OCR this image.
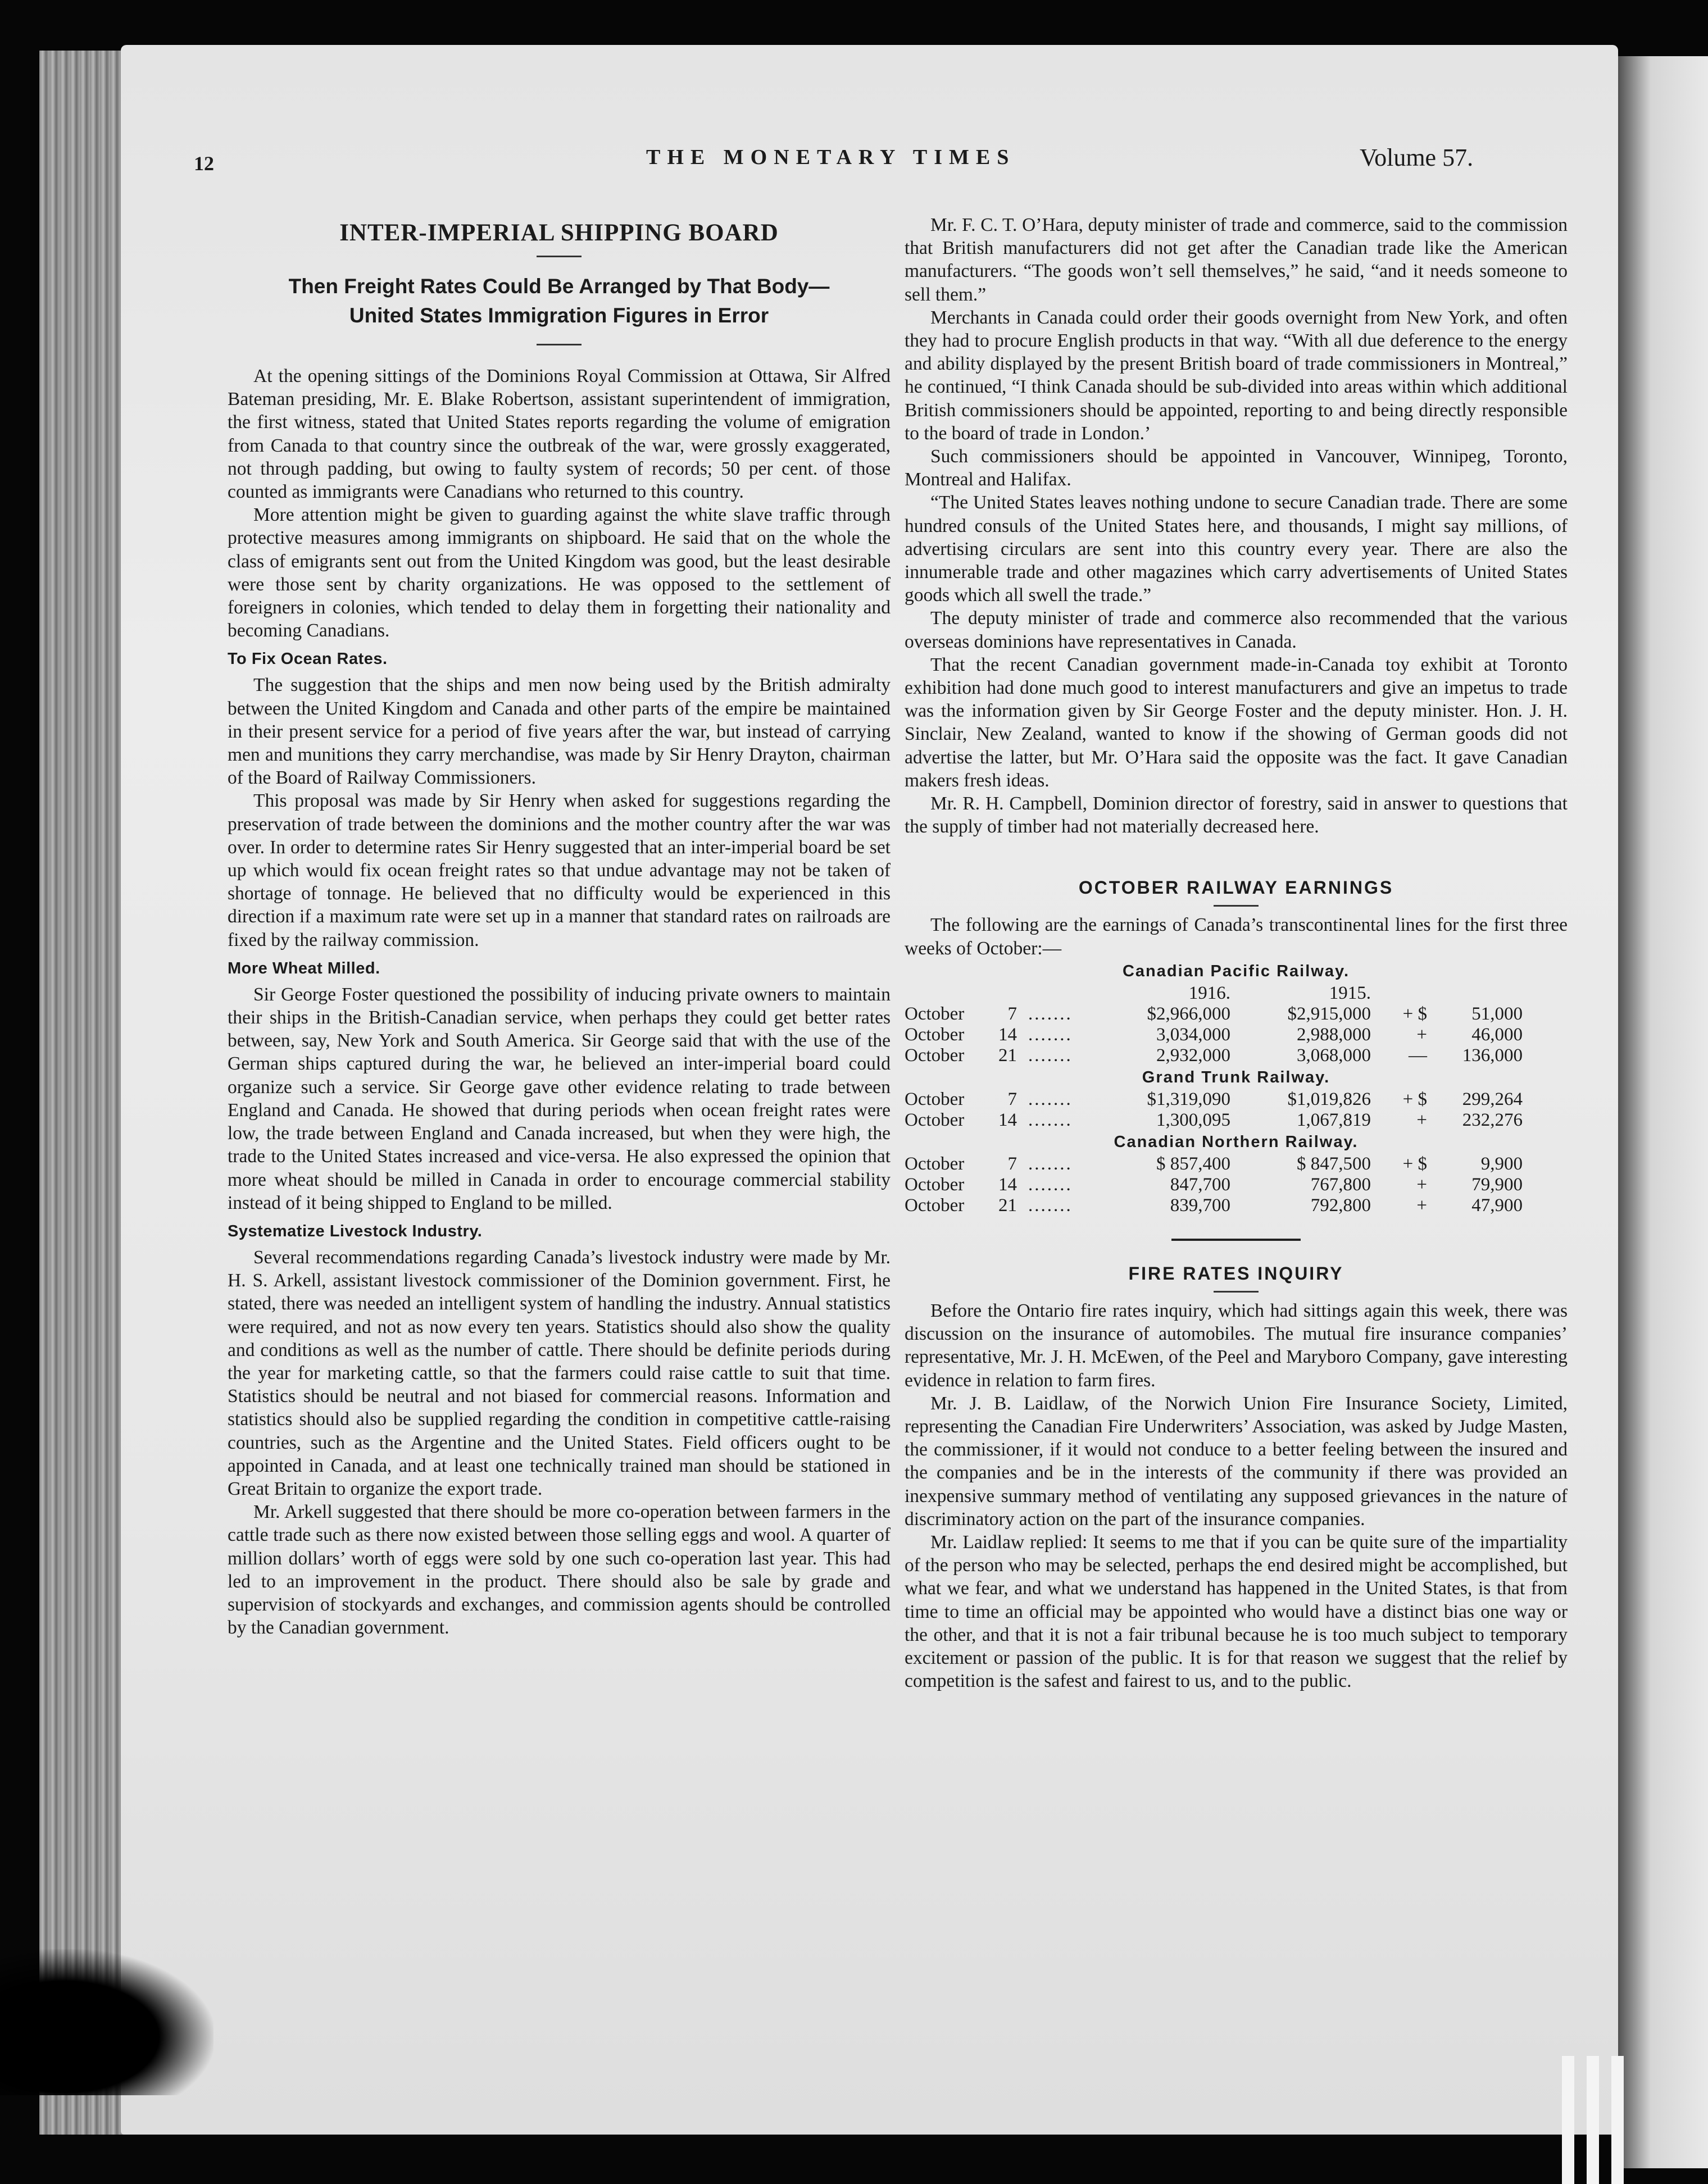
12	THE MONETARY TIMES	Volume 57.
INTER-IMPERIAL SHIPPING BOARD
Then Freight Rates Could Be Arranged by That Body—
United States Immigration Figures in Error

At the opening sittings of the Dominions Royal Commission at Ottawa, Sir Alfred Bateman presiding, Mr. E. Blake Robertson, assistant superintendent of immigration, the first witness, stated that United States reports regarding the volume of emigration from Canada to that country since the outbreak of the war, were grossly exaggerated, not through padding, but owing to faulty system of records; 50 per cent. of those counted as immigrants were Canadians who returned to this country.

More attention might be given to guarding against the white slave traffic through protective measures among immigrants on shipboard. He said that on the whole the class of emigrants sent out from the United Kingdom was good, but the least desirable were those sent by charity organizations. He was opposed to the settlement of foreigners in colonies, which tended to delay them in forgetting their nationality and becoming Canadians.

To Fix Ocean Rates.

The suggestion that the ships and men now being used by the British admiralty between the United Kingdom and Canada and other parts of the empire be maintained in their present service for a period of five years after the war, but instead of carrying men and munitions they carry merchandise, was made by Sir Henry Drayton, chairman of the Board of Railway Commissioners.

This proposal was made by Sir Henry when asked for suggestions regarding the preservation of trade between the dominions and the mother country after the war was over. In order to determine rates Sir Henry suggested that an inter-imperial board be set up which would fix ocean freight rates so that undue advantage may not be taken of shortage of tonnage. He believed that no difficulty would be experienced in this direction if a maximum rate were set up in a manner that standard rates on railroads are fixed by the railway commission.

More Wheat Milled.

Sir George Foster questioned the possibility of inducing private owners to maintain their ships in the British-Canadian service, when perhaps they could get better rates between, say, New York and South America. Sir George said that with the use of the German ships captured during the war, he believed an inter-imperial board could organize such a service. Sir George gave other evidence relating to trade between England and Canada. He showed that during periods when ocean freight rates were low, the trade between England and Canada increased, but when they were high, the trade to the United States increased and vice-versa. He also expressed the opinion that more wheat should be milled in Canada in order to encourage commercial stability instead of it being shipped to England to be milled.

Systematize Livestock Industry.

Several recommendations regarding Canada’s livestock industry were made by Mr. H. S. Arkell, assistant livestock commissioner of the Dominion government. First, he stated, there was needed an intelligent system of handling the industry. Annual statistics were required, and not as now every ten years. Statistics should also show the quality and conditions as well as the number of cattle. There should be definite periods during the year for marketing cattle, so that the farmers could raise cattle to suit that time. Statistics should be neutral and not biased for commercial reasons. Information and statistics should also be supplied regarding the condition in competitive cattle-raising countries, such as the Argentine and the United States. Field officers ought to be appointed in Canada, and at least one technically trained man should be stationed in Great Britain to organize the export trade.

Mr. Arkell suggested that there should be more co-operation between farmers in the cattle trade such as there now existed between those selling eggs and wool. A quarter of million dollars’ worth of eggs were sold by one such co-operation last year. This had led to an improvement in the product. There should also be sale by grade and supervision of stockyards and exchanges, and commission agents should be controlled by the Canadian government.

Mr. F. C. T. O’Hara, deputy minister of trade and commerce, said to the commission that British manufacturers did not get after the Canadian trade like the American manufacturers. “The goods won’t sell themselves,” he said, “and it needs someone to sell them.”

Merchants in Canada could order their goods overnight from New York, and often they had to procure English products in that way. “With all due deference to the energy and ability displayed by the present British board of trade commissioners in Montreal,” he continued, “I think Canada should be sub-divided into areas within which additional British commissioners should be appointed, reporting to and being directly responsible to the board of trade in London.’

Such commissioners should be appointed in Vancouver, Winnipeg, Toronto, Montreal and Halifax.

“The United States leaves nothing undone to secure Canadian trade. There are some hundred consuls of the United States here, and thousands, I might say millions, of advertising circulars are sent into this country every year. There are also the innumerable trade and other magazines which carry advertisements of United States goods which all swell the trade.”

The deputy minister of trade and commerce also recommended that the various overseas dominions have representatives in Canada.

That the recent Canadian government made-in-Canada toy exhibit at Toronto exhibition had done much good to interest manufacturers and give an impetus to trade was the information given by Sir George Foster and the deputy minister. Hon. J. H. Sinclair, New Zealand, wanted to know if the showing of German goods did not advertise the latter, but Mr. O’Hara said the opposite was the fact. It gave Canadian makers fresh ideas.

Mr. R. H. Campbell, Dominion director of forestry, said in answer to questions that the supply of timber had not materially decreased here.

OCTOBER RAILWAY EARNINGS

The following are the earnings of Canada’s transcontinental lines for the first three weeks of October:—

Canadian Pacific Railway.
1916.	1915.
October	7 .......	$2,966,000	$2,915,000	+ $	51,000
October	14 .......	3,034,000	2,988,000	+	46,000
October	21 .......	2,932,000	3,068,000	—	136,000
Grand Trunk Railway.
October	7 .......	$1,319,090	$1,019,826	+ $	299,264
October	14 .......	1,300,095	1,067,819	+	232,276
Canadian Northern Railway.
October	7 .......	$ 857,400	$ 847,500	+ $	9,900
October	14 .......	847,700	767,800	+	79,900
October	21 .......	839,700	792,800	+	47,900
FIRE RATES INQUIRY

Before the Ontario fire rates inquiry, which had sittings again this week, there was discussion on the insurance of automobiles. The mutual fire insurance companies’ representative, Mr. J. H. McEwen, of the Peel and Maryboro Company, gave interesting evidence in relation to farm fires.

Mr. J. B. Laidlaw, of the Norwich Union Fire Insurance Society, Limited, representing the Canadian Fire Underwriters’ Association, was asked by Judge Masten, the commissioner, if it would not conduce to a better feeling between the insured and the companies and be in the interests of the community if there was provided an inexpensive summary method of ventilating any supposed grievances in the nature of discriminatory action on the part of the insurance companies.

Mr. Laidlaw replied: It seems to me that if you can be quite sure of the impartiality of the person who may be selected, perhaps the end desired might be accomplished, but what we fear, and what we understand has happened in the United States, is that from time to time an official may be appointed who would have a distinct bias one way or the other, and that it is not a fair tribunal because he is too much subject to temporary excitement or passion of the public. It is for that reason we suggest that the relief by competition is the safest and fairest to us, and to the public.
